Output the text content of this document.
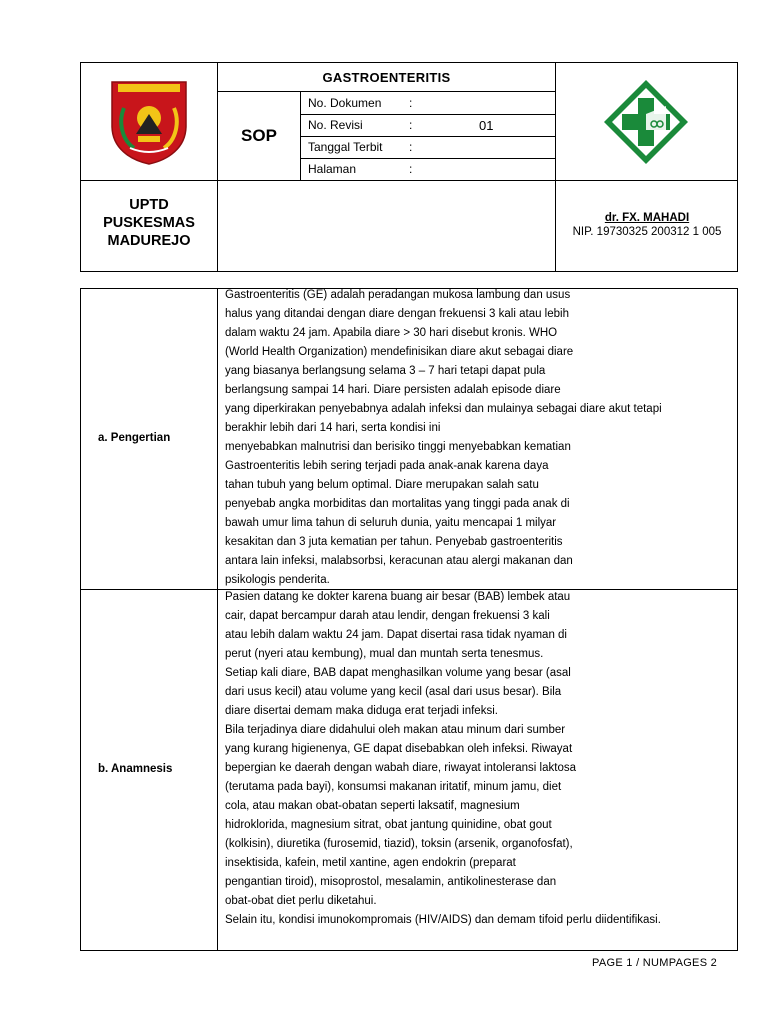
GASTROENTERITIS
SOP
No. Dokumen :
No. Revisi	:	01
Tanggal Terbit :
Halaman	:
UPTD
PUSKESMAS
MADUREJO
dr. FX. MAHADI
NIP. 19730325 200312 1 005
a. Pengertian
Gastroenteritis (GE) adalah peradangan mukosa lambung dan usus
halus yang ditandai dengan diare dengan frekuensi 3 kali atau lebih
dalam waktu 24 jam. Apabila diare > 30 hari disebut kronis. WHO
(World Health Organization) mendefinisikan diare akut sebagai diare
yang biasanya berlangsung selama 3 – 7 hari tetapi dapat pula
berlangsung sampai 14 hari. Diare persisten adalah episode diare
yang diperkirakan penyebabnya adalah infeksi dan mulainya sebagai diare akut tetapi
berakhir lebih dari 14 hari, serta kondisi ini
menyebabkan malnutrisi dan berisiko tinggi menyebabkan kematian
Gastroenteritis lebih sering terjadi pada anak-anak karena daya
tahan tubuh yang belum optimal. Diare merupakan salah satu
penyebab angka morbiditas dan mortalitas yang tinggi pada anak di
bawah umur lima tahun di seluruh dunia, yaitu mencapai 1 milyar
kesakitan dan 3 juta kematian per tahun. Penyebab gastroenteritis
antara lain infeksi, malabsorbsi, keracunan atau alergi makanan dan
psikologis penderita.
b. Anamnesis
Pasien datang ke dokter karena buang air besar (BAB) lembek atau
cair, dapat bercampur darah atau lendir, dengan frekuensi 3 kali
atau lebih dalam waktu 24 jam. Dapat disertai rasa tidak nyaman di
perut (nyeri atau kembung), mual dan muntah serta tenesmus.
Setiap kali diare, BAB dapat menghasilkan volume yang besar (asal
dari usus kecil) atau volume yang kecil (asal dari usus besar). Bila
diare disertai demam maka diduga erat terjadi infeksi.
Bila terjadinya diare didahului oleh makan atau minum dari sumber
yang kurang higienenya, GE dapat disebabkan oleh infeksi. Riwayat
bepergian ke daerah dengan wabah diare, riwayat intoleransi laktosa
(terutama pada bayi), konsumsi makanan iritatif, minum jamu, diet
cola, atau makan obat-obatan seperti laksatif, magnesium
hidroklorida, magnesium sitrat, obat jantung quinidine, obat gout
(kolkisin), diuretika (furosemid, tiazid), toksin (arsenik, organofosfat),
insektisida, kafein, metil xantine, agen endokrin (preparat
pengantian tiroid), misoprostol, mesalamin, antikolinesterase dan
obat-obat diet perlu diketahui.
Selain itu, kondisi imunokompromais (HIV/AIDS) dan demam tifoid perlu diidentifikasi.
PAGE 1 / NUMPAGES 2
